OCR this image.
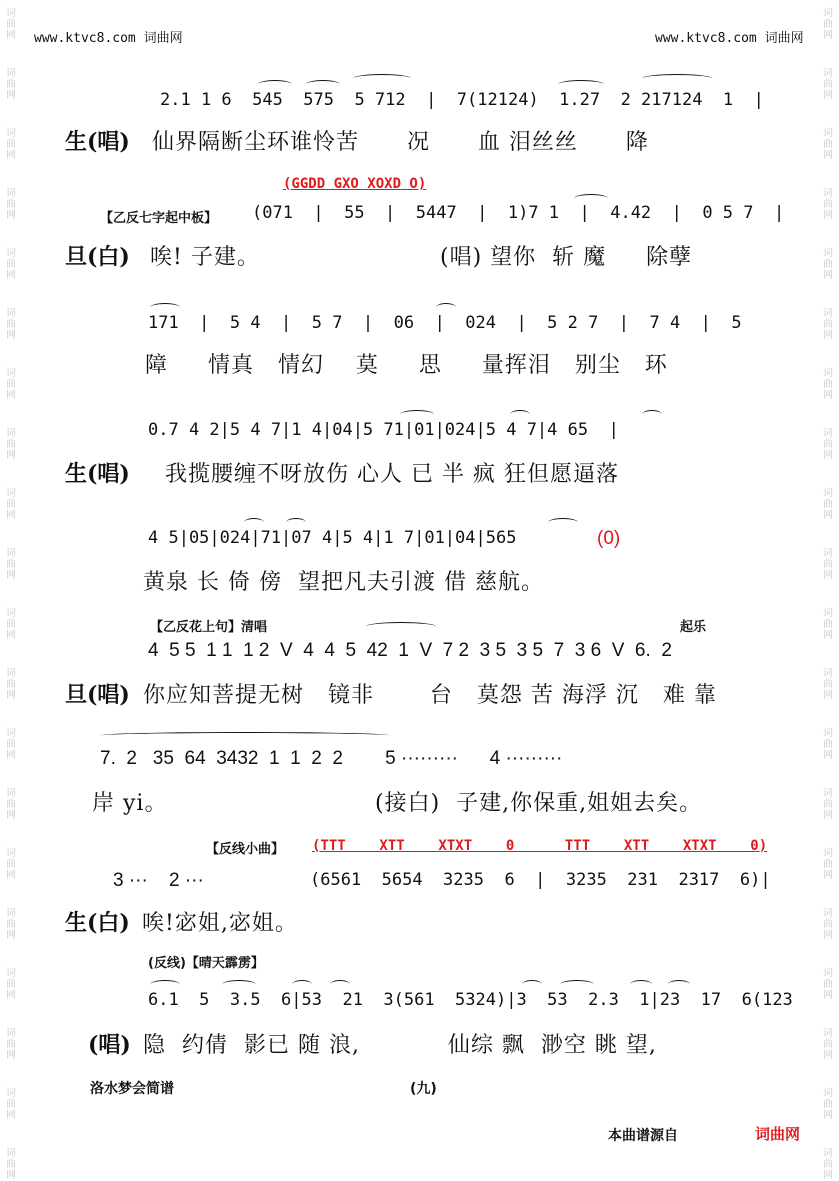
词曲网
词曲网
词曲网
词曲网
词曲网
词曲网
词曲网
词曲网
词曲网
词曲网
词曲网
词曲网
词曲网
词曲网
词曲网
词曲网
词曲网
词曲网
词曲网
词曲网
词曲网
词曲网
词曲网
词曲网
词曲网
词曲网
词曲网
词曲网
词曲网
词曲网
词曲网
词曲网
词曲网
词曲网
词曲网
词曲网
词曲网
词曲网
词曲网
词曲网
www.ktvc8.com 词曲网	www.ktvc8.com 词曲网
2.1 1 6  545  575  5 712  |  7(12124)  1.27  2 217124  1  |
生(唱) 仙界隔断尘环谁怜苦      况      血 泪丝丝      降
(GGDD GXO XOXD O)
【乙反七字起中板】 (071  |  55  |  5447  |  1)7 1  |  4.42  |  0 5 7  |
旦(白) 唉! 子建。	(唱) 望你  斩 魔     除孽
171  |  5 4  |  5 7  |  06  |  024  |  5 2 7  |  7 4  |  5
障     情真   情幻    莫     思     量挥泪   别尘   环
0.7 4 2|5 4 7|1 4|04|5 71|01|024|5 4 7|4 65  |
生(唱) 我揽腰缠不呀放伤 心人 已 半 疯 狂但愿逼落
4 5|05|024|71|07 4|5 4|1 7|01|04|565	(0)
黄泉 长 倚 傍  望把凡夫引渡 借 慈航。
【乙反花上句】清唱	起乐
4  5 5  1 1  1 2  V  4  4  5  42  1  V  7 2  3 5  3 5  7  3 6  V  6.  2
旦(唱) 你应知菩提无树   镜非       台   莫怨 苦 海浮 沉   难 靠
7.  2   35  64  3432  1  1  2  2        5 ·········      4 ·········
岸 yi。	(接白)  子建,你保重,姐姐去矣。
【反线小曲】 (TTT    XTT    XTXT    0      TTT    XTT    XTXT    0)
3 ···    2 ···	(6561  5654  3235  6  |  3235  231  2317  6)|
生(白) 唉!宓姐,宓姐。
(反线)【晴天霹雳】
6.1  5  3.5  6|53  21  3(561  5324)|3  53  2.3  1|23  17  6(123
(唱) 隐  约倩  影已 随 浪,           仙综 飘  渺空 眺 望,
洛水梦会简谱	(九)
本曲谱源自	词曲网
